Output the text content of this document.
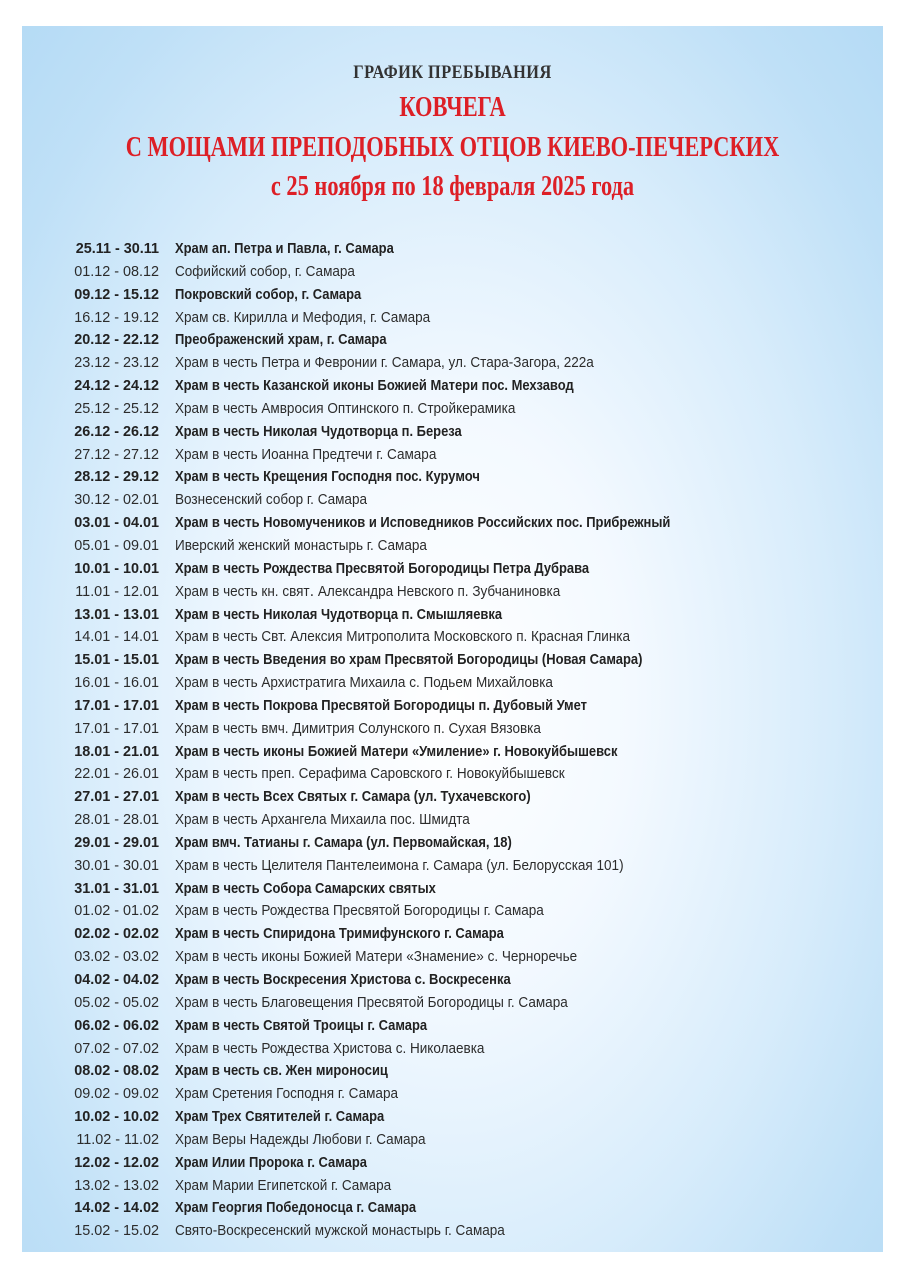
ГРАФИК ПРЕБЫВАНИЯ
КОВЧЕГА
С МОЩАМИ ПРЕПОДОБНЫХ ОТЦОВ КИЕВО-ПЕЧЕРСКИХ
с 25 ноября по 18 февраля 2025 года
25.11 - 30.11 Храм ап. Петра и Павла, г. Самара
01.12 - 08.12 Софийский собор, г. Самара
09.12 - 15.12 Покровский собор, г. Самара
16.12 - 19.12 Храм св. Кирилла и Мефодия, г. Самара
20.12 - 22.12 Преображенский храм, г. Самара
23.12 - 23.12 Храм в честь Петра и Февронии г. Самара, ул. Стара-Загора, 222а
24.12 - 24.12 Храм в честь Казанской иконы Божией Матери пос. Мехзавод
25.12 - 25.12 Храм в честь Амвросия Оптинского п. Стройкерамика
26.12 - 26.12 Храм в честь Николая Чудотворца п. Береза
27.12 - 27.12 Храм в честь Иоанна Предтечи г. Самара
28.12 - 29.12 Храм в честь Крещения Господня пос. Курумоч
30.12 - 02.01 Вознесенский собор г. Самара
03.01 - 04.01 Храм в честь Новомучеников и Исповедников Российских пос. Прибрежный
05.01 - 09.01 Иверский женский монастырь г. Самара
10.01 - 10.01 Храм в честь Рождества Пресвятой Богородицы Петра Дубрава
11.01 - 12.01 Храм в честь кн. свят․ Александра Невского п. Зубчаниновка
13.01 - 13.01 Храм в честь Николая Чудотворца п. Смышляевка
14.01 - 14.01 Храм в честь Свт. Алексия Митрополита Московского п. Красная Глинка
15.01 - 15.01 Храм в честь Введения во храм Пресвятой Богородицы (Новая Самара)
16.01 - 16.01 Храм в честь Архистратига Михаила с. Подьем Михайловка
17.01 - 17.01 Храм в честь Покрова Пресвятой Богородицы п. Дубовый Умет
17.01 - 17.01 Храм в честь вмч. Димитрия Солунского п. Сухая Вязовка
18.01 - 21.01 Храм в честь иконы Божией Матери «Умиление» г. Новокуйбышевск
22.01 - 26.01 Храм в честь преп. Серафима Саровского г. Новокуйбышевск
27.01 - 27.01 Храм в честь Всех Святых г. Самара (ул. Тухачевского)
28.01 - 28.01 Храм в честь Архангела Михаила пос. Шмидта
29.01 - 29.01 Храм вмч. Татианы г. Самара (ул. Первомайская, 18)
30.01 - 30.01 Храм в честь Целителя Пантелеимона г. Самара (ул. Белорусская 101)
31.01 - 31.01 Храм в честь Собора Самарских святых
01.02 - 01.02 Храм в честь Рождества Пресвятой Богородицы г. Самара
02.02 - 02.02 Храм в честь Спиридона Тримифунского г. Самара
03.02 - 03.02 Храм в честь иконы Божией Матери «Знамение» с. Черноречье
04.02 - 04.02 Храм в честь Воскресения Христова с. Воскресенка
05.02 - 05.02 Храм в честь Благовещения Пресвятой Богородицы г. Самара
06.02 - 06.02 Храм в честь Святой Троицы г. Самара
07.02 - 07.02 Храм в честь Рождества Христова с. Николаевка
08.02 - 08.02 Храм в честь св. Жен мироносиц
09.02 - 09.02 Храм Сретения Господня г. Самара
10.02 - 10.02 Храм Трех Святителей г. Самара
11.02 - 11.02 Храм Веры Надежды Любови г. Самара
12.02 - 12.02 Храм Илии Пророка г. Самара
13.02 - 13.02 Храм Марии Египетской г. Самара
14.02 - 14.02 Храм Георгия Победоносца г. Самара
15.02 - 15.02 Свято-Воскресенский мужской монастырь г. Самара
